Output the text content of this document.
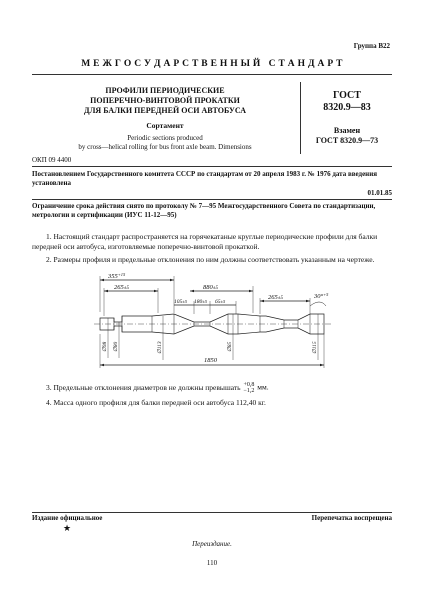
Группа В22
М Е Ж Г О С У Д А Р С Т В Е Н Н Ы Й   С Т А Н Д А Р Т
ПРОФИЛИ ПЕРИОДИЧЕСКИЕ
ПОПЕРЕЧНО-ВИНТОВОЙ ПРОКАТКИ
ДЛЯ БАЛКИ ПЕРЕДНЕЙ ОСИ АВТОБУСА
Сортамент
Periodic sections produced
by cross—helical rolling for bus front axle beam. Dimensions
ГОСТ
8320.9—83
Взамен
ГОСТ 8320.9—73
ОКП 09 4400
Постановлением Государственного комитета СССР по стандартам от 20 апреля 1983 г. № 1976 дата введения установлена
01.01.85
Ограничение срока действия снято по протоколу № 7—95 Межгосударственного Совета по стандартизации, метрологии и сертификации (ИУС 11-12—95)
1. Настоящий стандарт распространяется на горячекатаные круглые периодические профили для балки передней оси автобуса, изготовляемые поперечно-винтовой прокаткой.
2. Размеры профиля и предельные отклонения по ним должны соответствовать указанным на чертеже.
$355^{+15}$
265±5	880±5
105±5 180±5 65±5
265±5	30°$^{+5}$
1850
∅98 ∅80	∅113	∅85	∅115
3. Предельные отклонения диаметров не должны превышать +0,8
−1,2 мм.
4. Масса одного профиля для балки передней оси автобуса 112,40 кг.
Издание официальное	Перепечатка воспрещена
★
Переиздание.
110
